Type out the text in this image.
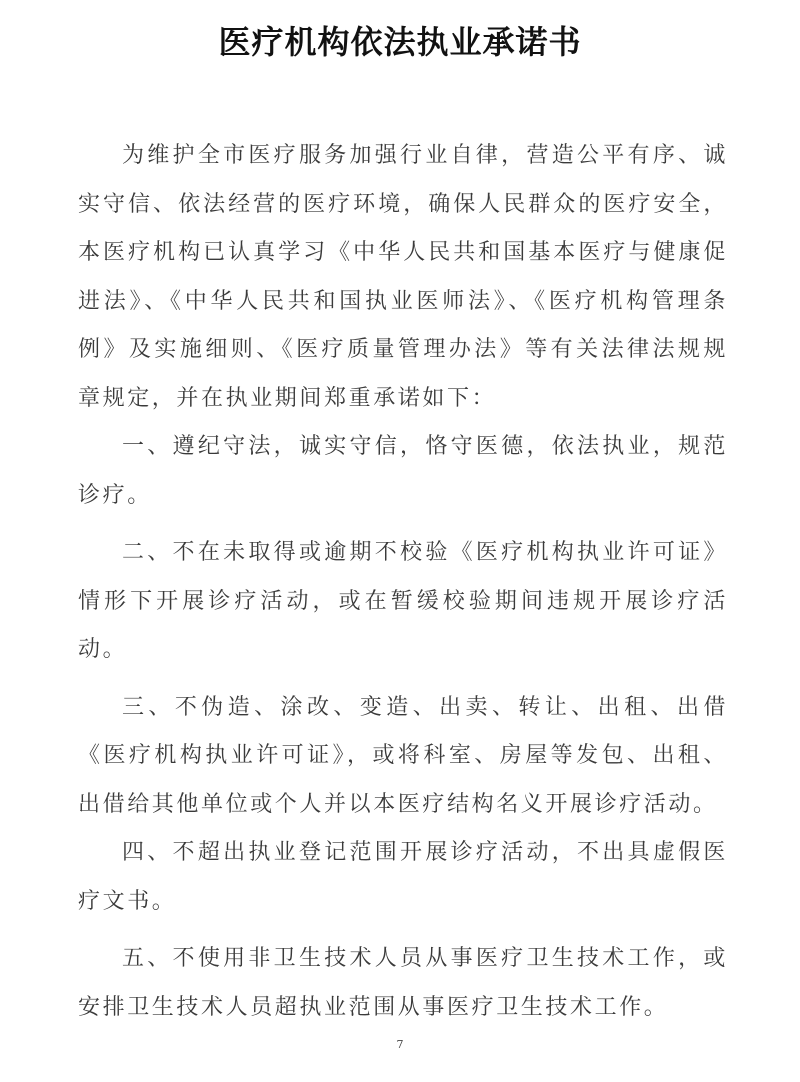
医疗机构依法执业承诺书

为维护全市医疗服务加强行业自律，营造公平有序、诚实守信、依法经营的医疗环境，确保人民群众的医疗安全，本医疗机构已认真学习《中华人民共和国基本医疗与健康促进法》、《中华人民共和国执业医师法》、《医疗机构管理条例》及实施细则、《医疗质量管理办法》等有关法律法规规章规定，并在执业期间郑重承诺如下：

一、遵纪守法，诚实守信，恪守医德，依法执业，规范诊疗。

二、不在未取得或逾期不校验《医疗机构执业许可证》情形下开展诊疗活动，或在暂缓校验期间违规开展诊疗活动。

三、不伪造、涂改、变造、出卖、转让、出租、出借《医疗机构执业许可证》，或将科室、房屋等发包、出租、出借给其他单位或个人并以本医疗结构名义开展诊疗活动。

四、不超出执业登记范围开展诊疗活动，不出具虚假医疗文书。

五、不使用非卫生技术人员从事医疗卫生技术工作，或安排卫生技术人员超执业范围从事医疗卫生技术工作。

7
